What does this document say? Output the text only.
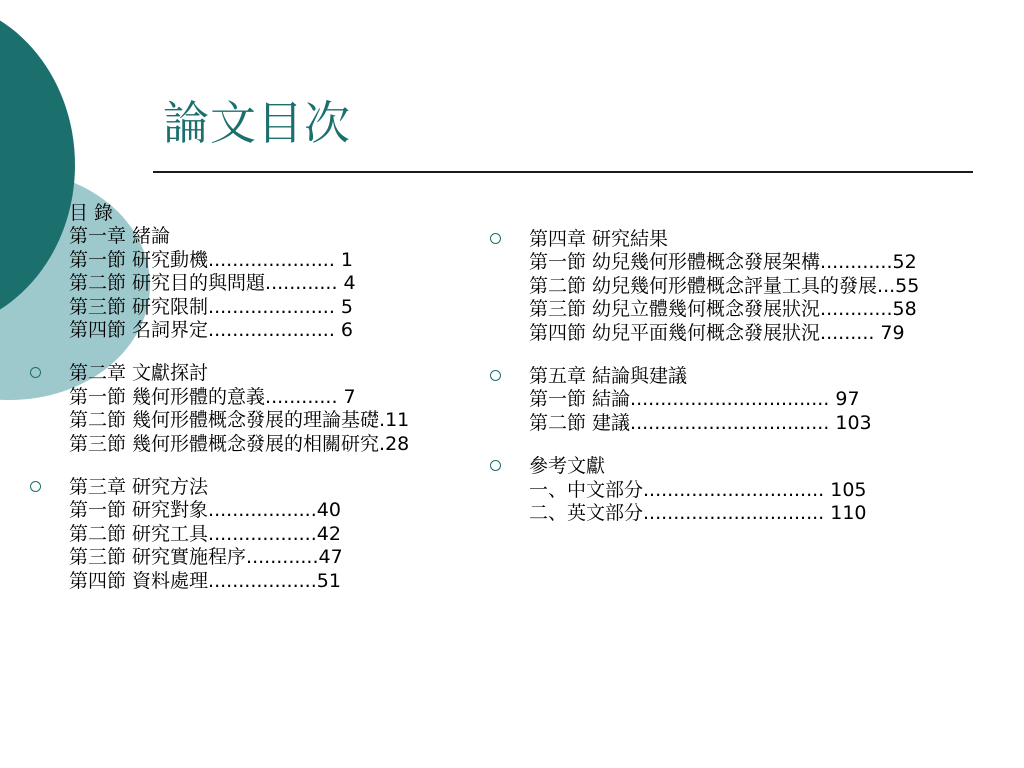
論文目次
目 錄
第一章 緒論
第一節 研究動機..................... 1
第二節 研究目的與問題............ 4
第三節 研究限制..................... 5
第四節 名詞界定..................... 6
第二章 文獻探討
第一節 幾何形體的意義............ 7
第二節 幾何形體概念發展的理論基礎.11
第三節 幾何形體概念發展的相關研究.28
第三章 研究方法
第一節 研究對象..................40
第二節 研究工具..................42
第三節 研究實施程序............47
第四節 資料處理..................51
第四章 研究結果
第一節 幼兒幾何形體概念發展架構............52
第二節 幼兒幾何形體概念評量工具的發展...55
第三節 幼兒立體幾何概念發展狀況............58
第四節 幼兒平面幾何概念發展狀況......... 79
第五章 結論與建議
第一節 結論................................. 97
第二節 建議................................. 103
參考文獻
一、中文部分.............................. 105
二、英文部分.............................. 110
